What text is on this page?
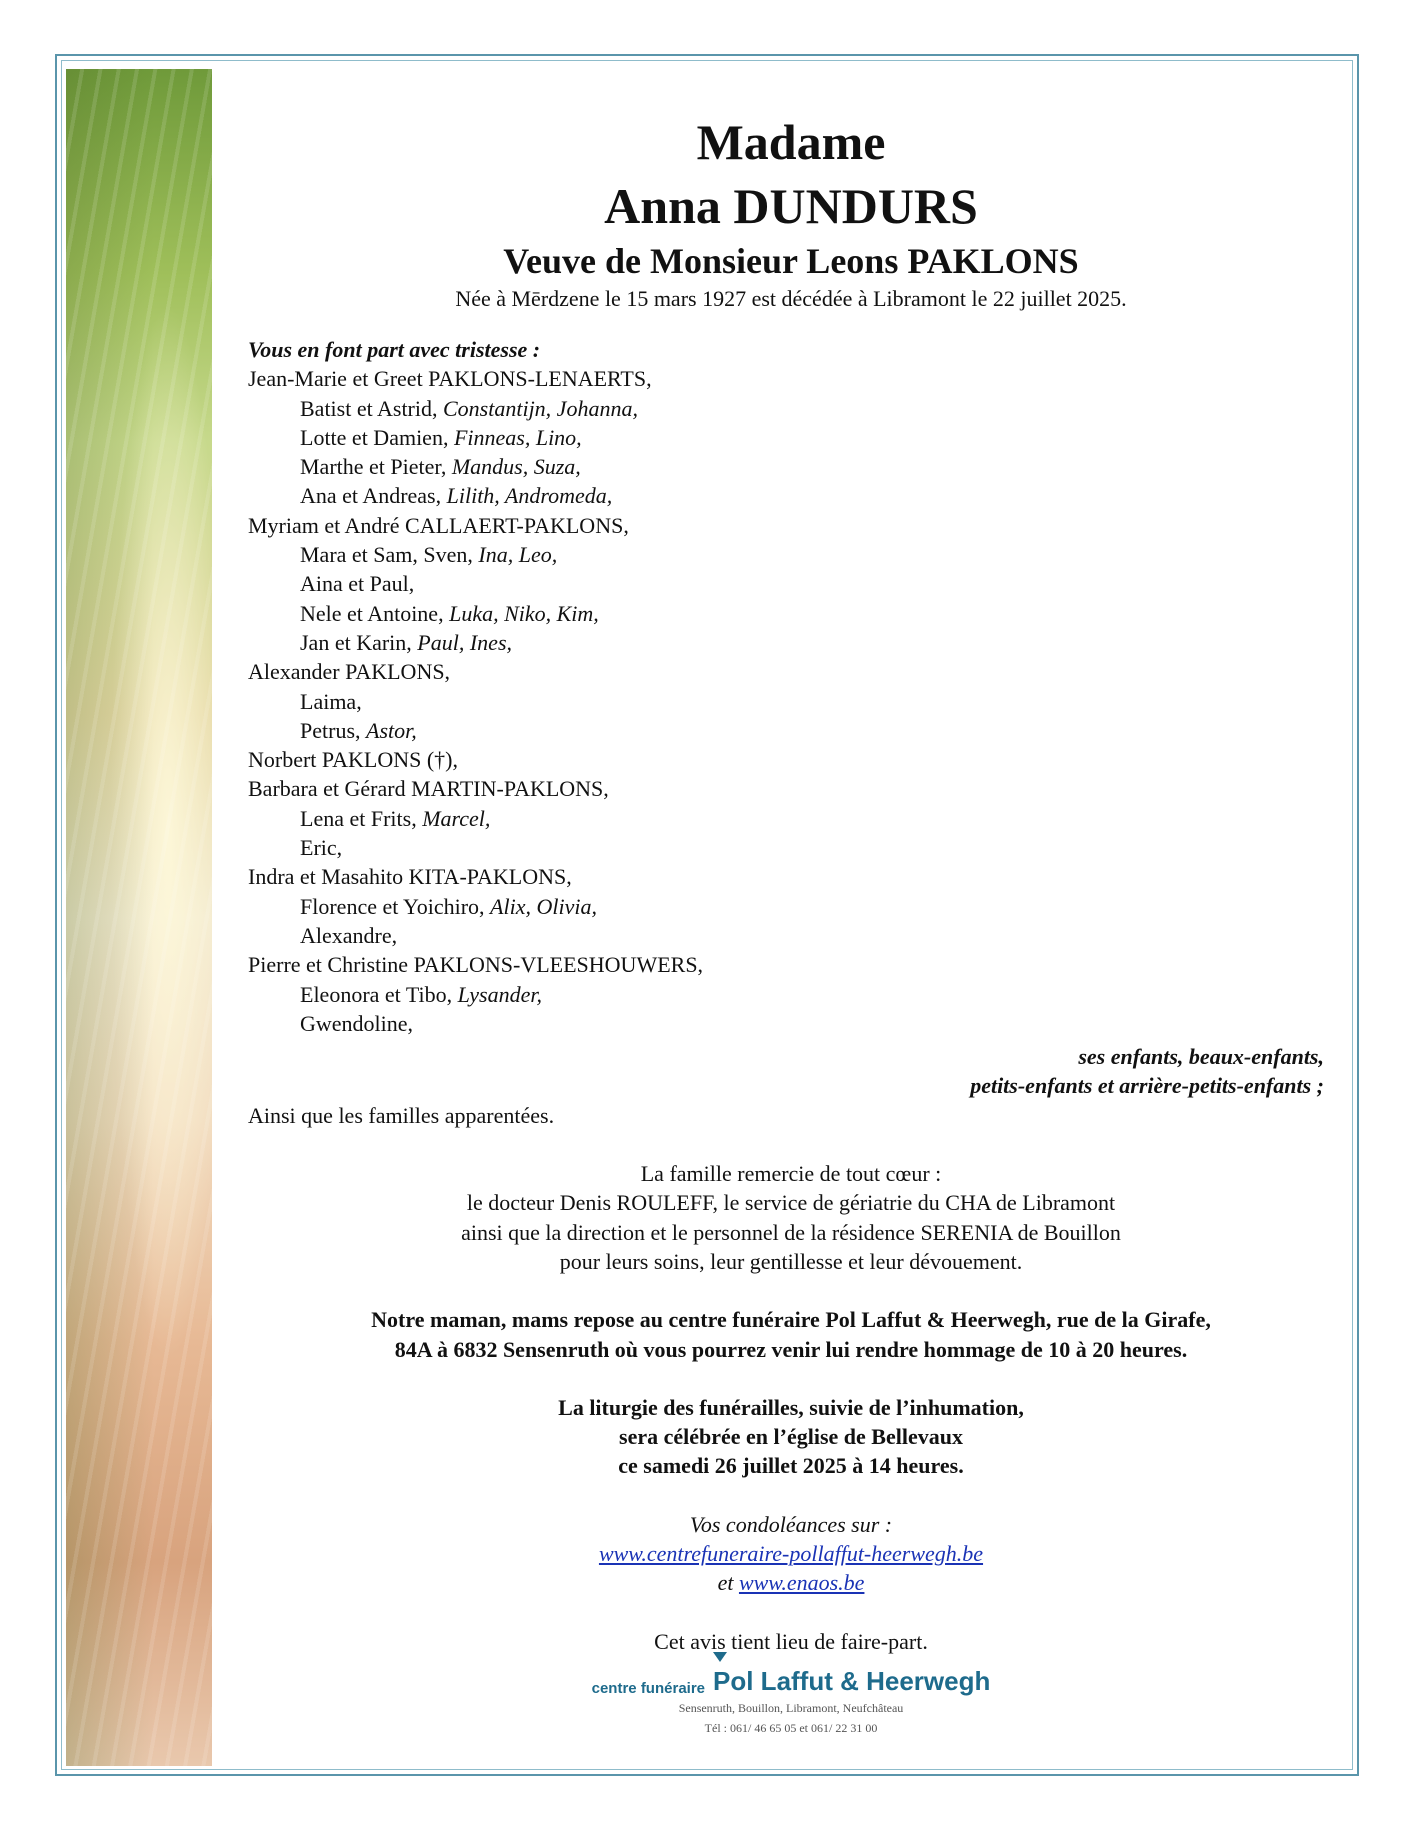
Madame

Anna DUNDURS

Veuve de Monsieur Leons PAKLONS

Née à Mērdzene le 15 mars 1927 est décédée à Libramont le 22 juillet 2025.
Vous en font part avec tristesse :
Jean-Marie et Greet PAKLONS-LENAERTS,
Batist et Astrid, Constantijn, Johanna,
Lotte et Damien, Finneas, Lino,
Marthe et Pieter, Mandus, Suza,
Ana et Andreas, Lilith, Andromeda,
Myriam et André CALLAERT-PAKLONS,
Mara et Sam, Sven, Ina, Leo,
Aina et Paul,
Nele et Antoine, Luka, Niko, Kim,
Jan et Karin, Paul, Ines,
Alexander PAKLONS,
Laima,
Petrus, Astor,
Norbert PAKLONS (†),
Barbara et Gérard MARTIN-PAKLONS,
Lena et Frits, Marcel,
Eric,
Indra et Masahito KITA-PAKLONS,
Florence et Yoichiro, Alix, Olivia,
Alexandre,
Pierre et Christine PAKLONS-VLEESHOUWERS,
Eleonora et Tibo, Lysander,
Gwendoline,
ses enfants, beaux-enfants,
petits-enfants et arrière-petits-enfants ;
Ainsi que les familles apparentées.
La famille remercie de tout cœur :
le docteur Denis ROULEFF, le service de gériatrie du CHA de Libramont
ainsi que la direction et le personnel de la résidence SERENIA de Bouillon
pour leurs soins, leur gentillesse et leur dévouement.
Notre maman, mams repose au centre funéraire Pol Laffut & Heerwegh, rue de la Girafe,
84A à 6832 Sensenruth où vous pourrez venir lui rendre hommage de 10 à 20 heures.
La liturgie des funérailles, suivie de l’inhumation,
sera célébrée en l’église de Bellevaux
ce samedi 26 juillet 2025 à 14 heures.
Vos condoléances sur :
www.centrefuneraire-pollaffut-heerwegh.be
et www.enaos.be
Cet avis tient lieu de faire-part.
centre funéraire Pol Laffut & Heerwegh
Sensenruth, Bouillon, Libramont, Neufchâteau
Tél : 061/ 46 65 05 et 061/ 22 31 00
